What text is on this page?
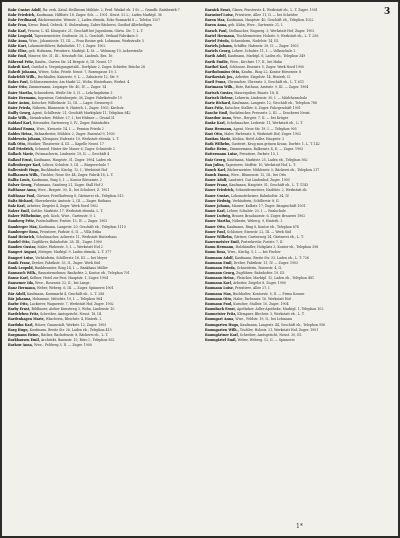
3

Bahr Gustav Adolf, fhr. erzh. Katal. Heilbronn Mühlstr. 2, Ferd. Winkel eb. 1 St. — Grundb. Ratsbezirk 7

Bahr Friedrich, Kaufmann, Hilflsstr. 18, Zuger. Sch. — 1901. Neust. 52 L.; Laden Marktpl. 36

Bahr Ferdinand, Bäckermeister, Weinstr. 2, Laden ebenda, Ecke Rosmarkt 8 — Telefon 1207

Bahr Frau, Kreuz. Rund, Gebeck. E. Stolzenburg, Zuber Bäckerei, Gasthof Allerheiligen

Bahr Karl, Friseur, L. Kl. Königsstr. 21, Geschäft bei Jugenheim, Gärtn. Str. 7, L. T.

Bähr Leopold, Tapeziermeister, Grafenstr. 28, L. Geschäft, Verkauf Fabrikate 3

Bähr Anna, Wwe., Johannisstr. 11, III. — Frau Rosine geb. Lohmann, Werkstraße 3

Bähr Kurt, Lokomotivführer, Bahnhofstr. 17, I. Zuger. 1902

Bähr Elise, geb. Hofmann, Privatiere, Marktpl. 4, St. — Wohnung 19, Ackerstraße

Bähr Emil, Maurer, Str. 31, III., Neustadt Str., Lindenh. Bez. 16

Bährend Fritz, Kaufm., Garten Str. 24 Bergstr. 6, III. Neust. 17

Bahrdt Karl, Gasthof u. Vergnügungsetabl., Dorfplatz 2, Zuger. Schiefer, Brücke 28

Bahrdt Johanna, Witwe, Sohn. Friedr. Neust. 7, Rosengasse 19, I.

Bahrfeldt Wilh., Buchhalter, Kaiserstr. 9, L. — Zahnärzte 12, Str. 9

Bahrs Paul, Schlossermeister, Am Markt 22, Wohn. Hinterhaus, Werkst. 4

Baier Otto, Zimmermann, Leipziger Str. 40, IV. — Zuger. 14

Baier Martha, Schneiderin, Weiße Str. 5, II. — Lehrlingsheim 3

Baier Hermann, Ingenieur, Gutenbergstr. 36, Zuger. Fabrikstraße 15

Baier Anton, Kutscher, Wilhelmstr. 12, III. — Lager, Steinweg 6

Baier Frieda, Näherin, Blumenstr. 8, Hinterh. I., Zuger. 1903, Kirchstr.

Bailly Georg, Agent, Schillerstr. 21, Geschäft Marktplatz 11, Telephon 842

Bake Wilh., Steindrucker, Feldstr. 27, I., bei Hübner — Grund 31

Baldauf Karl, Reisender, Gartenweg 3, IV., Zuger. Bahnhofstr.

Baldauf Emma, Wwe., Kreuzstr. 14, I. — Pension Frieda 2

Baldes Heinr., Bahnarbeiter, Mühlstr. 2, Zuger. Rosental 9, 1900

Baldewein Johann, Klempner, Hafenstr. 10, Werkstatt ebenda, L. T.

Balk Otto, Musiker, Theaterstr. 4, III. — Kapelle Neust. 17

Ball Friedrich, Schmied, Hinter der Mauer 6, Zuger. Schmiede 2

Ballach Marie, Putzmacherin, Lindenstr. 19, II. — Geschäft 4

Ballauf Ernst, Kaufmann, Hauptstr. 31, Zuger. 1904, Laden eb.

Ballenberger Karl, Lehrer, Schulstr. 3, III. — Bürgerschule 7

Ballerstedt Hugo, Buchbinder, Kirchg. 12, I., Werkstatt Hof

Ballhausen Wilh., Tischler, Neue Str. 44, Zuger. Fabrik 18, L. T.

Ballin Louis, Kaufmann, Ring 5, I. — Kontor Börsenstr. 2

Balser Georg, Fuhrmann, Sandweg 21, Zuger. Stall Hof 3

Balthasar Anna, Wwe., Bergstr. 30, II., bei Schubert, Z. 1901

Balthasar Paul, Gärtner, Friedhofsweg 8, Gärtnerei eb., Telephon 513

Baltz Richard, Obersekretär, Amtsstr. 2, III. — Zuger. Rathaus

Balz Karl, Arbeiter, Ziegelei 4, Zuger. Werk Nord 1902

Balzer Emil, Sattler, Marktstr. 17, Werkstatt ebenda, L. T.

Balzer Wilhelmine, geb. Koch, Wwe., Gartenstr. 9, I.

Bamberg Fritz, Postschaffner, Poststr. 13, IV. — Zuger. 1903

Bamberger Max, Kaufmann, Langestr. 20, Geschäft eb., Telephon 1119

Bamberger Rosa, Privatiere, Parkstr. 6, II. — Villa Erika

Band Heinrich, Schuhmacher, Ackerstr. 11, Werkstatt Hinterhaus

Bandel Otto, Zugführer, Bahnhofstr. 28, III., Zuger. 1900

Bandow Gustav, Maler, Färberstr. 5, I. — Werkstatt Hof 2

Bangert August, Metzger, Marktpl. 9, Laden ebenda, L. T. 377

Bangert Luise, Verkäuferin, Schillerstr. 16, III. — bei Meyer

Banik Franz, Dreher, Fabrikstr. 33, II., Zuger. Werk Süd

Bank Leopold, Bankbeamter, Ring 14, I. — Bankhaus Müller

Bannasch Wilh., Bauunternehmer, Bauhofstr. 2, Kontor eb., Telephon 701

Banse Karl, Kellner, Hotel zur Post, Hauptstr. 1, Zuger. 1904

Bansemer Ida, Wwe., Rosenstr. 22, II., bei Lange

Banz Hermann, Weber, Weberg. 6, III. — Zuger. Spinnerei 1901

Bär Adolf, Kaufmann, Kornmarkt 4, Geschäft eb., L. T. 288

Bär Johanna, Hebamme, Mittelstr. 19, I. — Telephon 964

Barbe Otto, Lackierer, Wagnerstr. 7, Werkstatt Hof, Zuger. 1902

Barby Ernst, Bildhauer, Atelier Kunstweg 3, Wohn. Lindenstr. 10

Bardeleben Fritz, Schreiber, Amtsgericht, Neust. 18, III.

Bardenhagen Marie, Wäscherin, Bleichstr. 4, Hinterh. I.

Barduhn Karl, Heizer, Gasanstalt, Werkstr. 12, Zuger. 1903

Barg Hugo, Kaufmann, Breite Str. 26, Laden eb., Telephon 415

Bargmann Heinr., Bäcker, Backofenstr. 8, Bäckerei eb., L. T.

Barkhausen Emil, Architekt, Baumstr. 15, Büro I., Telephon 832

Barkow Anna, Wwe., Feldweg 3, II. — Zuger. 1900

Barnick Ernst, Glaser, Fensterstr. 4, Werkstatt eb., L. T. Zuger. 1901

Barnstorf Luise, Privatiere, Allee 11, II. — bei Schröder

Baron Max, Kaufmann, Hauptstr. 40, Geschäft eb., Telephon 1022

Baron Anna, geb. Kühn, Wwe., Gartenstr. 21, I.

Barsch Paul, Stellmacher, Wagnerg. 3, Werkstatt Hof, Zuger. 1902

Bartel Hermann, Tischlermeister, Holzstr. 9, Werkstatt eb., L. T. 256

Bartel Frieda, Schneiderin, Nadelstr. 14, III.

Bartels Johann, Schiffer, Hafenstr. 28, II. — Zuger. 1903

Bartels Georg, Lehrer, Schulstr. 11, I. — Volksschule 2

Barth Adolf, Kaufmann, Marktpl. 6, Laden eb., Telephon 349

Barth Emilie, Wwe., Kirchstr. 17, II., bei Hahn

Barthel Karl, Schlosser, Eisenstr. 5, Zuger. Werk Nord 1900

Bartholomäus Otto, Kaufm., Ring 22, Kontor Börsenstr. 8

Bartkowiak Jos., Arbeiter, Ziegelstr. 14, Hinterh. II.

Bartl Franz, Uhrmacher, Uhrenstr. 3, Geschäft eb., L. T. 611

Bartmann Wilh., Bote, Rathaus, Amtsstr. 9, III. — Zuger. 1904

Bartsch Gustav, Maurerpolier, Baustr. 18, II.

Bartsch Helene, Lehrerin, Lindenstr. 30, I. — Mädchenschule

Bartz Richard, Kaufmann, Langestr. 12, Geschäft eb., Telephon 788

Barz Fritz, Kutscher, Stallstr. 6, Zuger. Fuhrgeschäft 1901

Basche Emil, Buchdrucker, Pressestr. 2, III. — Druckerei Neust.

Basedow Anna, Wwe., Bergstr. 7, II. — bei Krüger

Baske Karl, Schuhmacher, Lederstr. 11, Werkstatt eb., L. T.

Bass Hermann, Agent, Neue Str. 19, I. — Telephon 905

Bast Otto, Maler, Farbenstr. 8, Werkstatt Hof, Zuger. 1902

Bastian Marie, Köchin, Hotel Adler, Hauptstr. 3

Bath Wilhelm, Gastwirt, Krug zum grünen Kranz, Dorfstr. 1, L. T. 142

Batke Heinr., Zimmermann, Balkenstr. 4, II. — Zuger. 1903

Battermann Luise, Privatiere, Parkstr. 15, I.

Batz Georg, Kaufmann, Marktstr. 25, Laden eb., Telephon 562

Bau Julius, Tapezierer, Stoffstr. 10, Werkstatt Hof, L. T.

Bauch Karl, Bäckermeister, Mühlenstr. 5, Bäckerei eb., Telephon 217

Bauch Emma, Wwe., Blumenstr. 12, III., bei Otto

Bauer Adolf, Landwirt, Gut Lindenhof, Zuger. 1900

Bauer Franz, Kaufmann, Hauptstr. 51, Geschäft eb., L. T. 1143

Bauer Friedrich, Schneidermeister, Nadelstr. 2, Werkstatt eb.

Bauer Gustav, Lokomotivheizer, Bahnhofstr. 34, IV.

Bauer Hedwig, Verkäuferin, Schillerstr. 8, II.

Bauer Johann, Maurer, Kalkstr. 17, Zuger. Baugeschäft 1901

Bauer Karl, Lehrer, Schulstr. 20, I. — Realschule

Bauer Ludwig, Brauer, Brauhausstr. 6, Zuger. Brauerei 1902

Bauer Martha, Näherin, Weberg. 9, Hinterh. I.

Bauer Otto, Kaufmann, Ring 8, Kontor eb., Telephon 874

Bauer Paul, Schlosser, Eisenstr. 22, III. — Werk Süd

Bauer Wilhelm, Gärtner, Gartenweg 14, Gärtnerei eb., L. T.

Bauermeister Emil, Postsekretär, Poststr. 7, II.

Baum Hermann, Holzhändler, Holzplatz 3, Kontor eb., Telephon 398

Baum Rosa, Wwe., Kirchg. 5, I. — bei Fischer

Baumann Adolf, Kaufmann, Breite Str. 33, Laden eb., L. T. 726

Baumann Emil, Dreher, Fabrikstr. 11, IV. — Zuger. 1903

Baumann Frieda, Schneiderin, Rosenstr. 4, II.

Baumann Georg, Zugführer, Bahnhofstr. 19, III.

Baumann Heinr., Fleischer, Marktpl. 12, Laden eb., Telephon 481

Baumann Karl, Arbeiter, Ziegelei 8, Zuger. 1900

Baumann Luise, Privatiere, Allee 27, I.

Baumann Max, Buchhalter, Kontorstr. 5, II. — Firma Krause

Baumann Otto, Maler, Farbenstr. 16, Werkstatt Hof

Baumann Paul, Kutscher, Stallstr. 10, Zuger. 1904

Baumbach Ernst, Apotheker, Adler-Apotheke, Marktpl. 1, Telephon 102

Baumeister Fritz, Klempner, Blechstr. 3, Werkstatt eb., L. T.

Baumgart Anna, Wwe., Feldstr. 19, II., bei Lehmann

Baumgarten Hugo, Kaufmann, Langestr. 44, Geschäft eb., Telephon 956

Baumgarten Wilh., Tischler, Holzstr. 21, Werkstatt Hof, Zuger. 1901

Baumgärtner Karl, Schreiber, Amtsgericht, Neust. 30, III.

Baumgärtel Emil, Weber, Weberg. 12, II. — Spinnerei

1*
